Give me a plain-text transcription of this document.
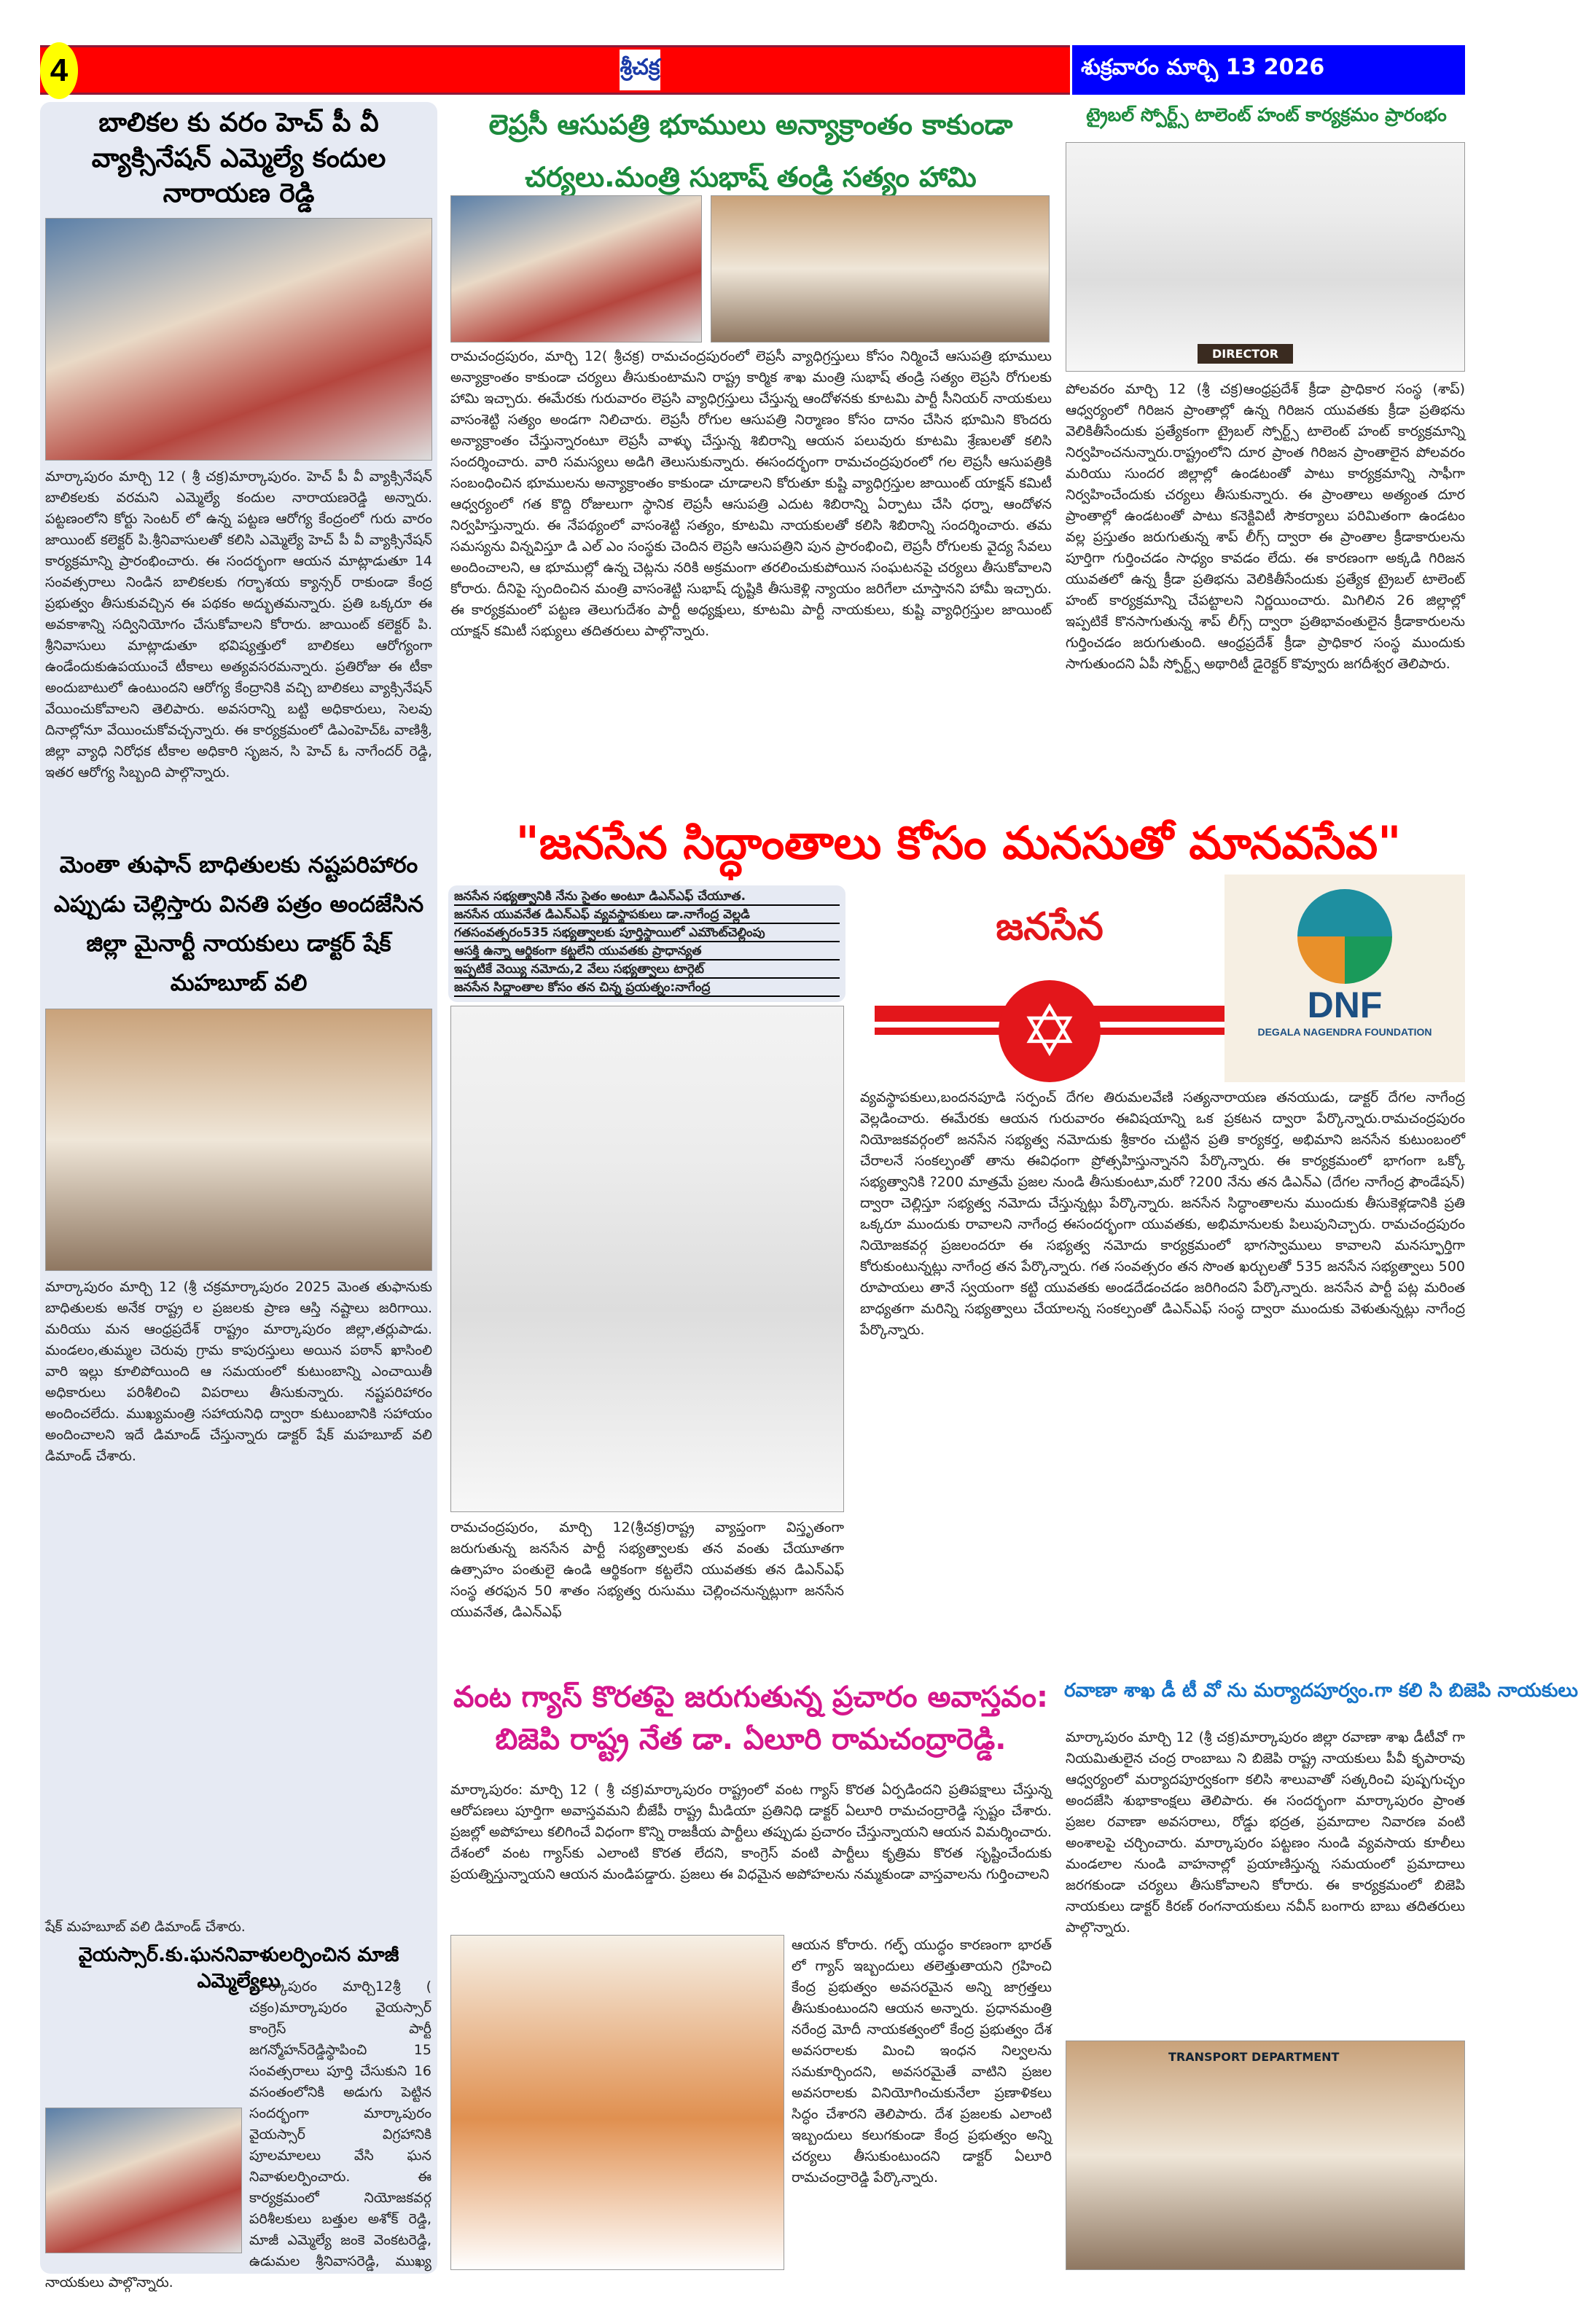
4	శ్రీచక్ర	శుక్రవారం మార్చి 13 2026
బాలికల కు వరం హెచ్ పీ వీ వ్యాక్సినేషన్ ఎమ్మెల్యే కందుల నారాయణ రెడ్డి
మార్కాపురం మార్చి 12 ( శ్రీ చక్ర)మార్కాపురం. హెచ్ పీ వీ వ్యాక్సినేషన్ బాలికలకు వరమని ఎమ్మెల్యే కందుల నారాయణరెడ్డి అన్నారు. పట్టణంలోని కోర్టు సెంటర్ లో ఉన్న పట్టణ ఆరోగ్య కేంద్రంలో గురు వారం జాయింట్ కలెక్టర్ పి.శ్రీనివాసులతో కలిసి ఎమ్మెల్యే హెచ్ పీ వీ వ్యాక్సినేషన్ కార్యక్రమాన్ని ప్రారంభించారు. ఈ సందర్భంగా ఆయన మాట్లాడుతూ 14 సంవత్సరాలు నిండిన బాలికలకు గర్భాశయ క్యాన్సర్ రాకుండా కేంద్ర ప్రభుత్వం తీసుకువచ్చిన ఈ పథకం అద్భుతమన్నారు. ప్రతి ఒక్కరూ ఈ అవకాశాన్ని సద్వినియోగం చేసుకోవాలని కోరారు. జాయింట్ కలెక్టర్ పి. శ్రీనివాసులు మాట్లాడుతూ భవిష్యత్తులో బాలికలు ఆరోగ్యంగా ఉండేందుకుఉపయుంచే టీకాలు అత్యవసరమన్నారు. ప్రతిరోజు ఈ టీకా అందుబాటులో ఉంటుందని ఆరోగ్య కేంద్రానికి వచ్చి బాలికలు వ్యాక్సినేషన్ వేయించుకోవాలని తెలిపారు. అవసరాన్ని బట్టి అధికారులు, సెలవు దినాల్లోనూ వేయించుకోవచ్చన్నారు. ఈ కార్యక్రమంలో డిఎంహెచ్ఓ వాణిశ్రీ, జిల్లా వ్యాధి నిరోధక టీకాల అధికారి సృజన, సి హెచ్ ఓ నాగేందర్ రెడ్డి, ఇతర ఆరోగ్య సిబ్బంది పాల్గొన్నారు.
మెంతా తుఫాన్ బాధితులకు నష్టపరిహారం ఎప్పుడు చెల్లిస్తారు వినతి పత్రం అందజేసిన జిల్లా మైనార్టీ నాయకులు డాక్టర్ షేక్ మహబూబ్ వలి
మార్కాపురం మార్చి 12 (శ్రీ చక్రమార్కాపురం 2025 మెంత తుఫానుకు బాధితులకు అనేక రాష్ట్ర ల ప్రజలకు ప్రాణ ఆస్తి నష్టాలు జరిగాయి. మరియు మన ఆంధ్రప్రదేశ్ రాష్ట్రం మార్కాపురం జిల్లా,తర్లుపాడు. మండలం,తుమ్మల చెరువు గ్రామ కాపురస్తులు అయిన పఠాన్ ఖాసింలి వారి ఇల్లు కూలిపోయింది ఆ సమయంలో కుటుంబాన్ని ఎంచాయితీ అధికారులు పరిశీలించి విపరాలు తీసుకున్నారు. నష్టపరిహారం అందించలేదు. ముఖ్యమంత్రి సహాయనిధి ద్వారా కుటుంబానికి సహాయం అందించాలని ఇదే డిమాండ్ చేస్తున్నారు డాక్టర్ షేక్ మహబూబ్ వలి డిమాండ్ చేశారు.
షేక్ మహబూబ్ వలి డిమాండ్ చేశారు.
వైయస్సార్.కు.ఘననివాళులర్పించిన మాజీ ఎమ్మెల్యేలు
మార్కాపురం మార్చి12శ్రీ ( చక్రం)మార్కాపురం వైయస్సార్ కాంగ్రెస్ పార్టీ జగన్మోహన్‌రెడ్డిస్థాపించి 15 సంవత్సరాలు పూర్తి చేసుకుని 16 వసంతంలోనికి అడుగు పెట్టిన సందర్భంగా మార్కాపురం వైయస్సార్ విగ్రహానికి పూలమాలలు వేసి ఘన నివాళులర్పించారు. ఈ కార్యక్రమంలో నియోజకవర్గ పరిశీలకులు బత్తుల అశోక్ రెడ్డి, మాజీ ఎమ్మెల్యే జంకె వెంకటరెడ్డి, ఉడుమల శ్రీనివాసరెడ్డి, ముఖ్య నాయకులు పాల్గొన్నారు.
లెప్రసీ ఆసుపత్రి భూములు అన్యాక్రాంతం కాకుండా చర్యలు.మంత్రి సుభాష్ తండ్రి సత్యం హామి
రామచంద్రపురం, మార్చి 12( శ్రీచక్ర) రామచంద్రపురంలో లెప్రసీ వ్యాధిగ్రస్తులు కోసం నిర్మించే ఆసుపత్రి భూములు అన్యాక్రాంతం కాకుండా చర్యలు తీసుకుంటామని రాష్ట్ర కార్మిక శాఖ మంత్రి సుభాష్ తండ్రి సత్యం లెప్రసి రోగులకు హామి ఇచ్చారు. ఈమేరకు గురువారం లెప్రసి వ్యాధిగ్రస్తులు చేస్తున్న ఆందోళనకు కూటమి పార్టీ సీనియర్ నాయకులు వాసంశెట్టి సత్యం అండగా నిలిచారు. లెప్రసీ రోగుల ఆసుపత్రి నిర్మాణం కోసం దానం చేసిన భూమిని కొందరు అన్యాక్రాంతం చేస్తున్నారంటూ లెప్రసీ వాళ్ళు చేస్తున్న శిబిరాన్ని ఆయన పలువురు కూటమి శ్రేణులతో కలిసి సందర్శించారు. వారి సమస్యలు అడిగి తెలుసుకున్నారు. ఈసందర్భంగా రామచంద్రపురంలో గల లెప్రసీ ఆసుపత్రికి సంబంధించిన భూములను అన్యాక్రాంతం కాకుండా చూడాలని కోరుతూ కుష్టి వ్యాధిగ్రస్తుల జాయింట్ యాక్షన్ కమిటీ ఆధ్వర్యంలో గత కొద్ది రోజులుగా స్థానిక లెప్రసీ ఆసుపత్రి ఎదుట శిబిరాన్ని ఏర్పాటు చేసి ధర్నా, ఆందోళన నిర్వహిస్తున్నారు. ఈ నేపథ్యంలో వాసంశెట్టి సత్యం, కూటమి నాయకులతో కలిసి శిబిరాన్ని సందర్శించారు. తమ సమస్యను విన్నవిస్తూ డి ఎల్ ఎం సంస్థకు చెందిన లెప్రసి ఆసుపత్రిని పున ప్రారంభించి, లెప్రసీ రోగులకు వైద్య సేవలు అందించాలని, ఆ భూముల్లో ఉన్న చెట్లను నరికి అక్రమంగా తరలించుకుపోయిన సంఘటనపై చర్యలు తీసుకోవాలని కోరారు. దీనిపై స్పందించిన మంత్రి వాసంశెట్టి సుభాష్ దృష్టికి తీసుకెళ్లి న్యాయం జరిగేలా చూస్తానని హామీ ఇచ్చారు. ఈ కార్యక్రమంలో పట్టణ తెలుగుదేశం పార్టీ అధ్యక్షులు, కూటమి పార్టీ నాయకులు, కుష్టి వ్యాధిగ్రస్తుల జాయింట్ యాక్షన్ కమిటీ సభ్యులు తదితరులు పాల్గొన్నారు.
ట్రైబల్ స్పోర్ట్స్ టాలెంట్ హంట్ కార్యక్రమం ప్రారంభం
DIRECTOR
పోలవరం మార్చి 12 (శ్రీ చక్ర)ఆంధ్రప్రదేశ్ క్రీడా ప్రాధికార సంస్థ (శాప్) ఆధ్వర్యంలో గిరిజన ప్రాంతాల్లో ఉన్న గిరిజన యువతకు క్రీడా ప్రతిభను వెలికితీసేందుకు ప్రత్యేకంగా ట్రైబల్ స్పోర్ట్స్ టాలెంట్ హంట్ కార్యక్రమాన్ని నిర్వహించనున్నారు.రాష్ట్రంలోని దూర ప్రాంత గిరిజన ప్రాంతాలైన పోలవరం మరియు సుందర జిల్లాల్లో ఉండటంతో పాటు కార్యక్రమాన్ని సాఫీగా నిర్వహించేందుకు చర్యలు తీసుకున్నారు. ఈ ప్రాంతాలు అత్యంత దూర ప్రాంతాల్లో ఉండటంతో పాటు కనెక్టివిటీ సౌకర్యాలు పరిమితంగా ఉండటం వల్ల ప్రస్తుతం జరుగుతున్న శాప్ లీగ్స్ ద్వారా ఈ ప్రాంతాల క్రీడాకారులను పూర్తిగా గుర్తించడం సాధ్యం కావడం లేదు. ఈ కారణంగా అక్కడి గిరిజన యువతలో ఉన్న క్రీడా ప్రతిభను వెలికితీసేందుకు ప్రత్యేక ట్రైబల్ టాలెంట్ హంట్ కార్యక్రమాన్ని చేపట్టాలని నిర్ణయించారు. మిగిలిన 26 జిల్లాల్లో ఇప్పటికే కొనసాగుతున్న శాప్ లీగ్స్ ద్వారా ప్రతిభావంతులైన క్రీడాకారులను గుర్తించడం జరుగుతుంది. ఆంధ్రప్రదేశ్ క్రీడా ప్రాధికార సంస్థ ముందుకు సాగుతుందని ఏపీ స్పోర్ట్స్ అథారిటీ డైరెక్టర్ కొవ్వూరు జగదీశ్వర తెలిపారు.
"జనసేన సిద్ధాంతాలు కోసం మనసుతో మానవసేవ"
జనసేన సభ్యత్వానికి నేను సైతం అంటూ డిఎన్ఎఫ్ చేయూత.
జనసేన యువనేత డిఎన్ఎఫ్ వ్యవస్థాపకులు డా.నాగేంద్ర వెల్లడి
గతసంవత్సరం535 సభ్యత్వాలకు పూర్తిస్థాయిలో ఎమౌంట్‌చెల్లింపు
ఆసక్తి ఉన్నా ఆర్థికంగా కట్టలేని యువతకు ప్రాధాన్యత
ఇప్పటికే వెయ్యి నమోదు,2 వేలు సభ్యత్వాలు టార్గెట్
జనసేన సిద్ధాంతాల కోసం తన చిన్న ప్రయత్నం:నాగేంద్ర
రామచంద్రపురం, మార్చి 12(శ్రీచక్ర)రాష్ట్ర వ్యాప్తంగా విస్తృతంగా జరుగుతున్న జనసేన పార్టీ సభ్యత్వాలకు తన వంతు చేయూతగా ఉత్సాహం పంతులై ఉండి ఆర్థికంగా కట్టలేని యువతకు తన డిఎన్ఎఫ్ సంస్థ తరఫున 50 శాతం సభ్యత్వ రుసుము చెల్లించనున్నట్లుగా జనసేన యువనేత, డిఎన్ఎఫ్
జనసేన
✡	DNF
DEGALA NAGENDRA FOUNDATION
వ్యవస్థాపకులు,బందనపూడి సర్పంచ్ దేగల తిరుమలవేణి సత్యనారాయణ తనయుడు, డాక్టర్ దేగల నాగేంద్ర వెల్లడించారు. ఈమేరకు ఆయన గురువారం ఈవిషయాన్ని ఒక ప్రకటన ద్వారా పేర్కొన్నారు.రామచంద్రపురం నియోజకవర్గంలో జనసేన సభ్యత్వ నమోదుకు శ్రీకారం చుట్టిన ప్రతి కార్యకర్త, అభిమాని జనసేన కుటుంబంలో చేరాలనే సంకల్పంతో తాను ఈవిధంగా ప్రోత్సహిస్తున్నానని పేర్కొన్నారు. ఈ కార్యక్రమంలో భాగంగా ఒక్కో సభ్యత్వానికి ?200 మాత్రమే ప్రజల నుండి తీసుకుంటూ,మరో ?200 నేను తన డిఎన్ఎ (దేగల నాగేంద్ర ఫౌండేషన్) ద్వారా చెల్లిస్తూ సభ్యత్వ నమోదు చేస్తున్నట్లు పేర్కొన్నారు. జనసేన సిద్ధాంతాలను ముందుకు తీసుకెళ్లడానికి ప్రతి ఒక్కరూ ముందుకు రావాలని నాగేంద్ర ఈసందర్భంగా యువతకు, అభిమానులకు పిలుపునిచ్చారు. రామచంద్రపురం నియోజకవర్గ ప్రజలందరూ ఈ సభ్యత్వ నమోదు కార్యక్రమంలో భాగస్వాములు కావాలని మనస్ఫూర్తిగా కోరుకుంటున్నట్లు నాగేంద్ర తన పేర్కొన్నారు. గత సంవత్సరం తన సొంత ఖర్చులతో 535 జనసేన సభ్యత్వాలు 500 రూపాయలు తానే స్వయంగా కట్టి యువతకు అండదేడంచడం జరిగిందని పేర్కొన్నారు. జనసేన పార్టీ పట్ల మరింత బాధ్యతగా మరిన్ని సభ్యత్వాలు చేయాలన్న సంకల్పంతో డిఎన్ఎఫ్ సంస్థ ద్వారా ముందుకు వెళుతున్నట్లు నాగేంద్ర పేర్కొన్నారు.
వంట గ్యాస్ కొరతపై జరుగుతున్న ప్రచారం అవాస్తవం: బిజెపి రాష్ట్ర నేత డా. ఏలూరి రామచంద్రారెడ్డి.
మార్కాపురం: మార్చి 12 ( శ్రీ చక్ర)మార్కాపురం రాష్ట్రంలో వంట గ్యాస్ కొరత ఏర్పడిందని ప్రతిపక్షాలు చేస్తున్న ఆరోపణలు పూర్తిగా అవాస్తవమని బీజేపీ రాష్ట్ర మీడియా ప్రతినిధి డాక్టర్ ఏలూరి రామచంద్రారెడ్డి స్పష్టం చేశారు. ప్రజల్లో అపోహలు కలిగించే విధంగా కొన్ని రాజకీయ పార్టీలు తప్పుడు ప్రచారం చేస్తున్నాయని ఆయన విమర్శించారు. దేశంలో వంట గ్యాస్‌కు ఎలాంటి కొరత లేదని, కాంగ్రెస్ వంటి పార్టీలు కృత్రిమ కొరత సృష్టించేందుకు ప్రయత్నిస్తున్నాయని ఆయన మండిపడ్డారు. ప్రజలు ఈ విధమైన అపోహలను నమ్మకుండా వాస్తవాలను గుర్తించాలని
ఆయన కోరారు. గల్ఫ్ యుద్ధం కారణంగా భారత్ లో గ్యాస్ ఇబ్బందులు తలెత్తుతాయని గ్రహించి కేంద్ర ప్రభుత్వం అవసరమైన అన్ని జాగ్రత్తలు తీసుకుంటుందని ఆయన అన్నారు. ప్రధానమంత్రి నరేంద్ర మోదీ నాయకత్వంలో కేంద్ర ప్రభుత్వం దేశ అవసరాలకు మించి ఇంధన నిల్వలను సమకూర్చిందని, అవసరమైతే వాటిని ప్రజల అవసరాలకు వినియోగించుకునేలా ప్రణాళికలు సిద్ధం చేశారని తెలిపారు. దేశ ప్రజలకు ఎలాంటి ఇబ్బందులు కలుగకుండా కేంద్ర ప్రభుత్వం అన్ని చర్యలు తీసుకుంటుందని డాక్టర్ ఏలూరి రామచంద్రారెడ్డి పేర్కొన్నారు.
రవాణా శాఖ డీ టీ వో ను మర్యాదపూర్వం.గా కలి సి బిజెపి నాయకులు
మార్కాపురం మార్చి 12 (శ్రీ చక్ర)మార్కాపురం జిల్లా రవాణా శాఖ డీటీవో గా నియమితులైన చంద్ర రాంబాబు ని బిజెపి రాష్ట్ర నాయకులు పీవీ కృపారావు ఆధ్వర్యంలో మర్యాదపూర్వకంగా కలిసి శాలువాతో సత్కరించి పుష్పగుచ్ఛం అందజేసి శుభాకాంక్షలు తెలిపారు. ఈ సందర్భంగా మార్కాపురం ప్రాంత ప్రజల రవాణా అవసరాలు, రోడ్డు భద్రత, ప్రమాదాల నివారణ వంటి అంశాలపై చర్చించారు. మార్కాపురం పట్టణం నుండి వ్యవసాయ కూలీలు మండలాల నుండి వాహనాల్లో ప్రయాణిస్తున్న సమయంలో ప్రమాదాలు జరగకుండా చర్యలు తీసుకోవాలని కోరారు. ఈ కార్యక్రమంలో బిజెపి నాయకులు డాక్టర్ కిరణ్ రంగనాయకులు నవీన్ బంగారు బాబు తదితరులు పాల్గొన్నారు.
TRANSPORT DEPARTMENT
